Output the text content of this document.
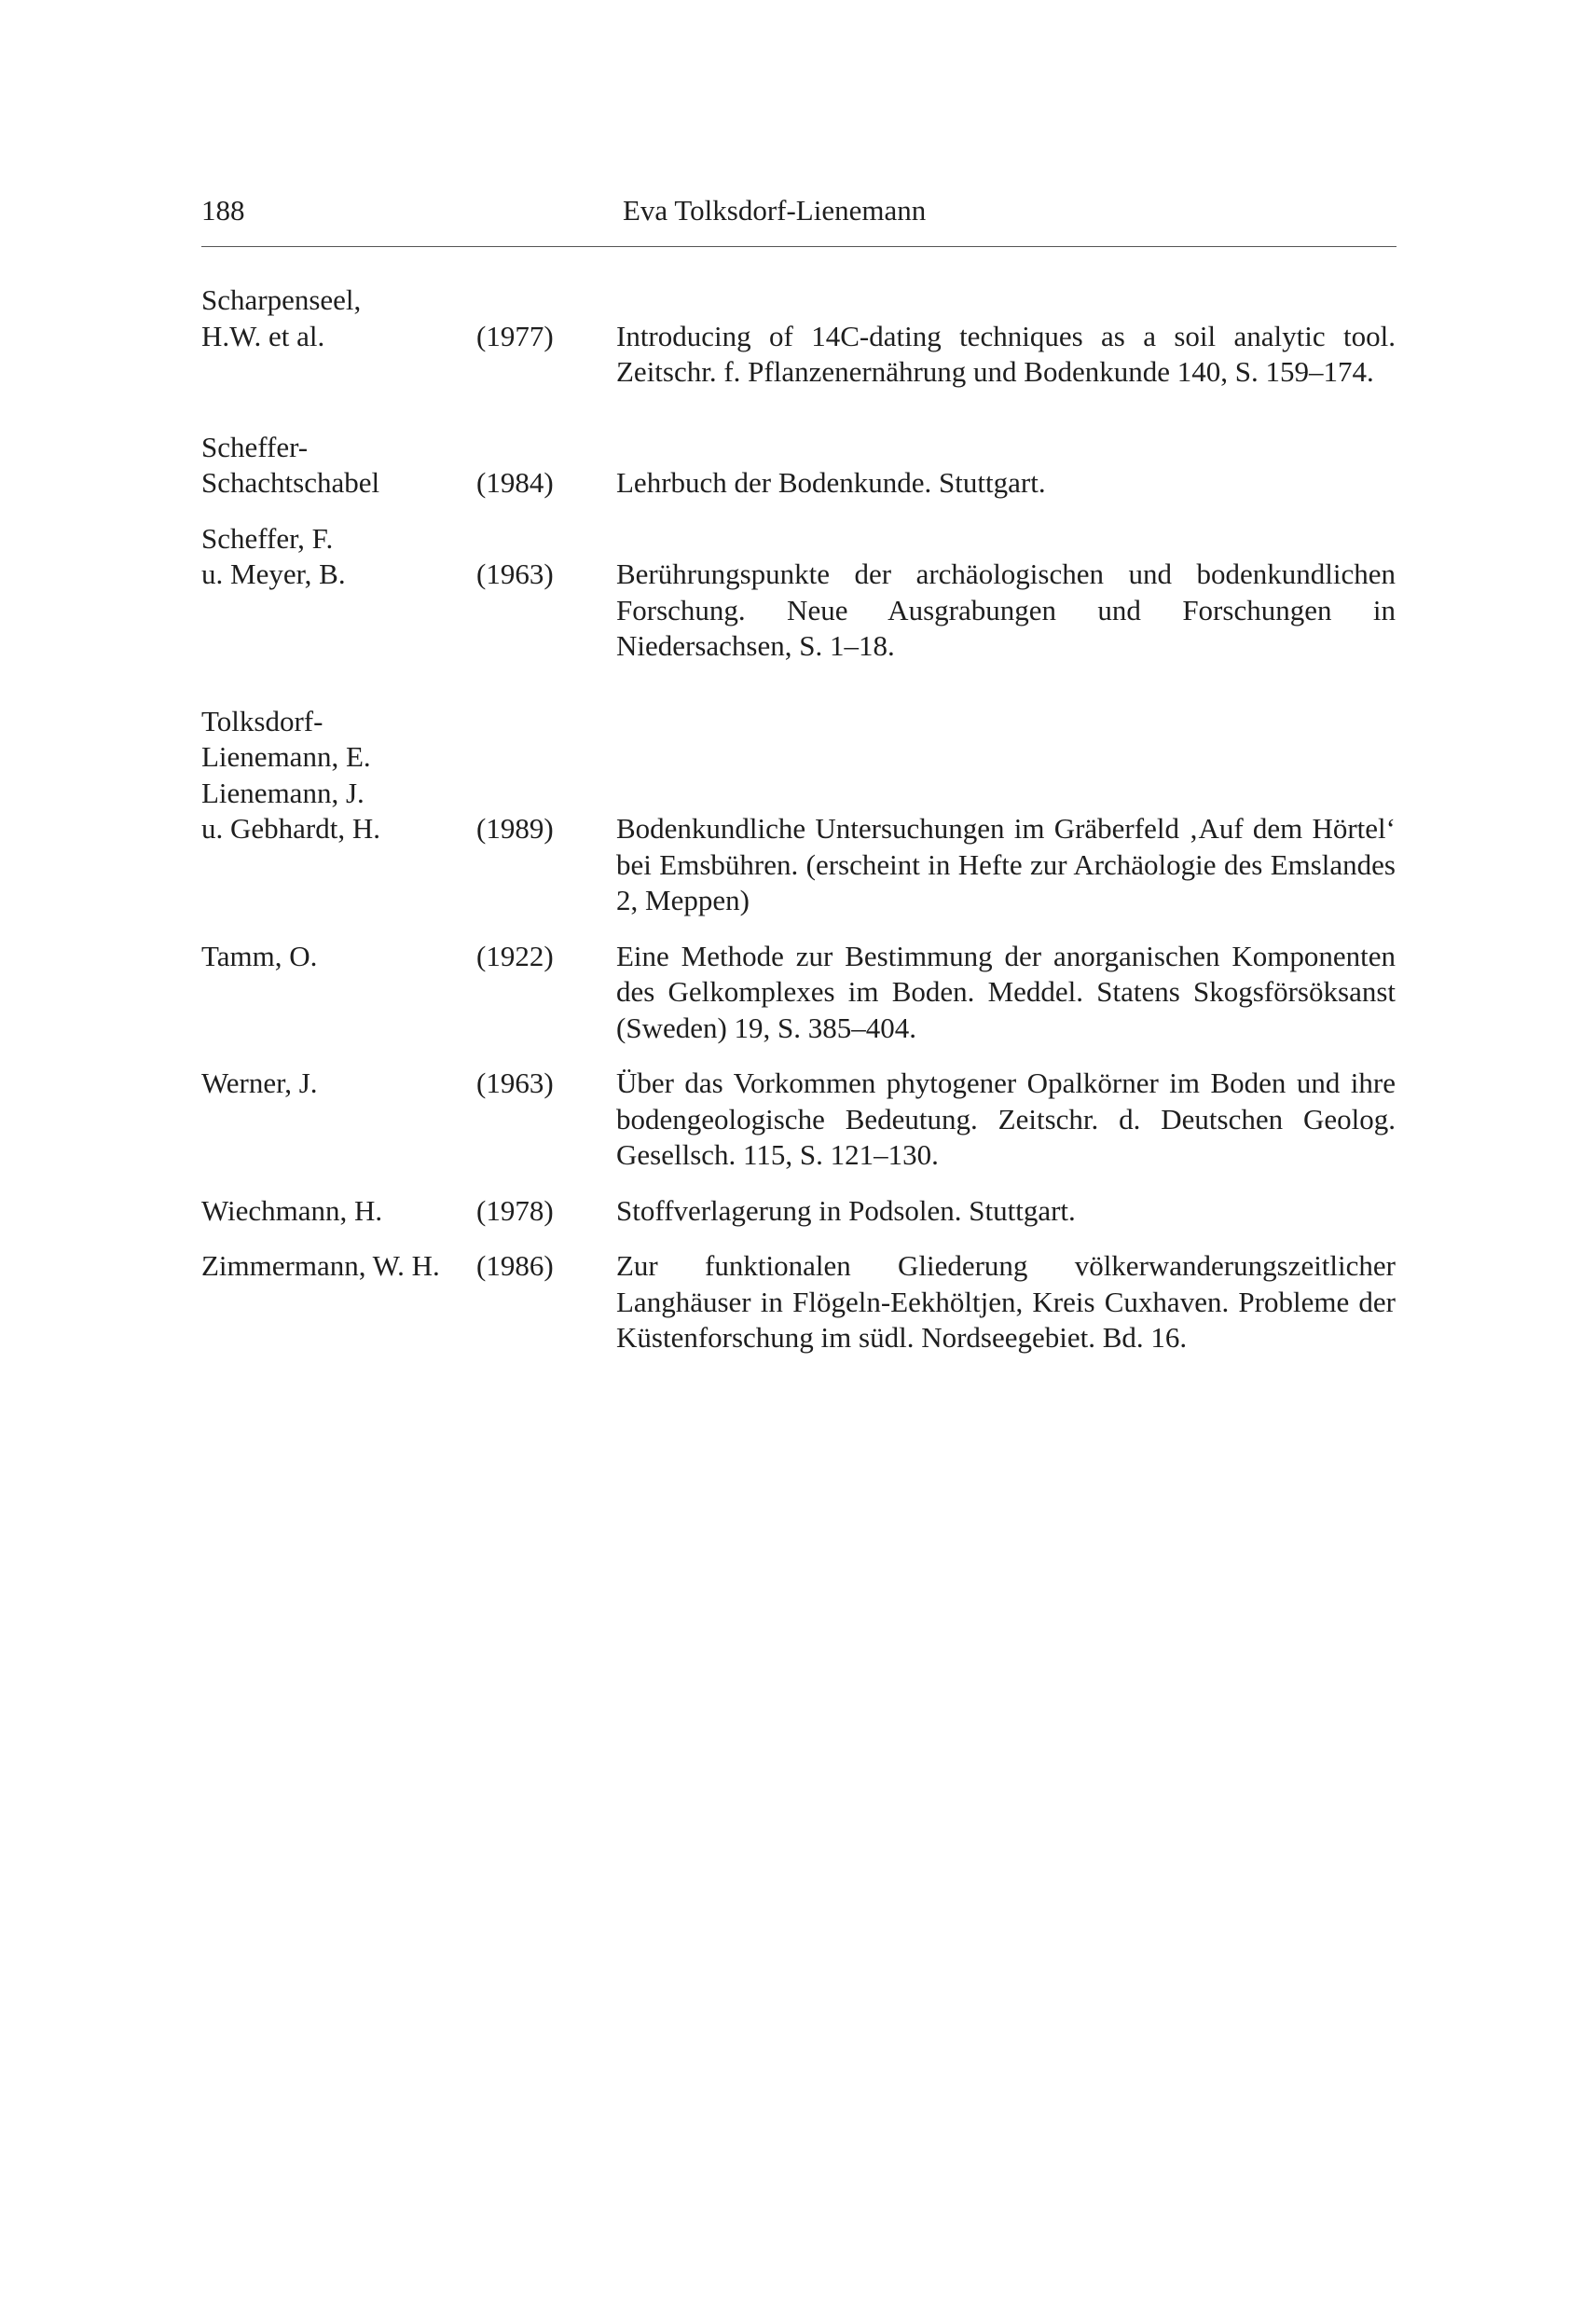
188	Eva Tolksdorf-Lienemann
Scharpenseel,
H.W. et al.	(1977)	Introducing of 14C-dating techniques as a soil analytic tool. Zeitschr. f. Pflanzenernährung und Bodenkunde 140, S. 159–174.
Scheffer-
Schachtschabel	(1984)	Lehrbuch der Bodenkunde. Stuttgart.
Scheffer, F.
u. Meyer, B.	(1963)	Berührungspunkte der archäologischen und bodenkundlichen Forschung. Neue Ausgrabungen und Forschungen in Niedersachsen, S. 1–18.
Tolksdorf-
Lienemann, E.
Lienemann, J.
u. Gebhardt, H.	(1989)	Bodenkundliche Untersuchungen im Gräberfeld ‚Auf dem Hörtel‘ bei Emsbühren. (erscheint in Hefte zur Archäologie des Emslandes 2, Meppen)
Tamm, O.	(1922)	Eine Methode zur Bestimmung der anorganischen Komponenten des Gelkomplexes im Boden. Meddel. Statens Skogsförsöksanst (Sweden) 19, S. 385–404.
Werner, J.	(1963)	Über das Vorkommen phytogener Opalkörner im Boden und ihre bodengeologische Bedeutung. Zeitschr. d. Deutschen Geolog. Gesellsch. 115, S. 121–130.
Wiechmann, H.	(1978)	Stoffverlagerung in Podsolen. Stuttgart.
Zimmermann, W. H.	(1986)	Zur funktionalen Gliederung völkerwanderungszeitlicher Langhäuser in Flögeln-Eekhöltjen, Kreis Cuxhaven. Probleme der Küstenforschung im südl. Nordseegebiet. Bd. 16.
